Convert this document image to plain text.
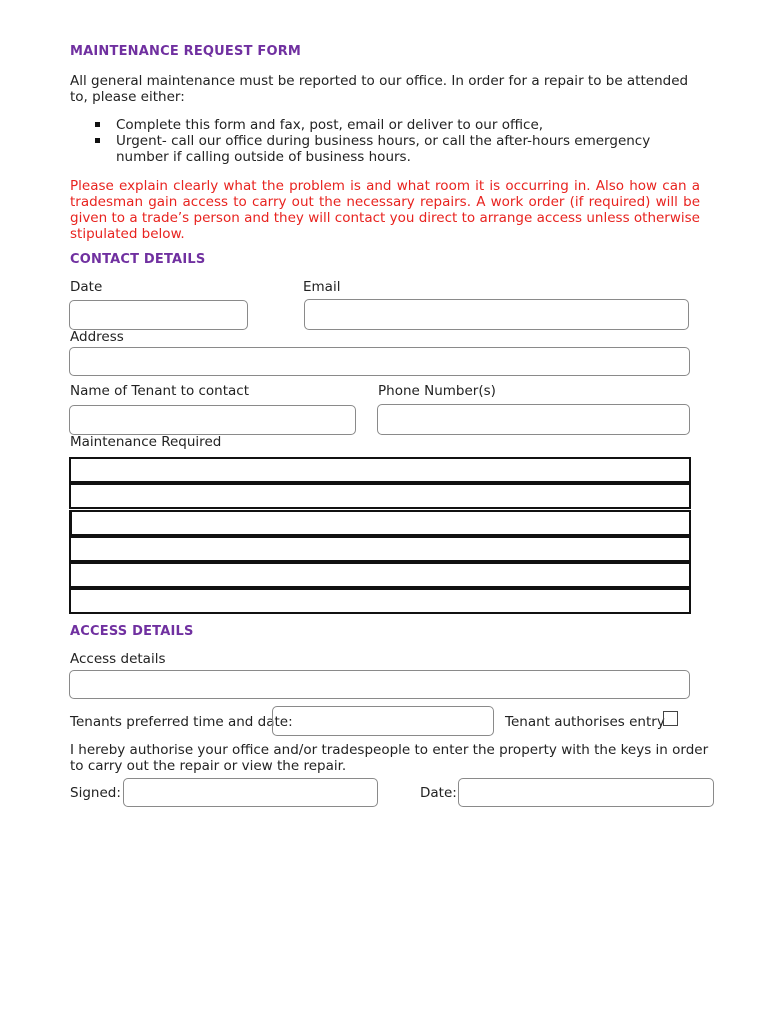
MAINTENANCE REQUEST FORM
All general maintenance must be reported to our office. In order for a repair to be attended to, please either:
Complete this form and fax, post, email or deliver to our office,
Urgent- call our office during business hours, or call the after-hours emergency number if calling outside of business hours.
Please explain clearly what the problem is and what room it is occurring in. Also how can a tradesman gain access to carry out the necessary repairs. A work order (if required) will be given to a trade’s person and they will contact you direct to arrange access unless otherwise stipulated below.
CONTACT DETAILS
Date	Email
Address
Name of Tenant to contact	Phone Number(s)
Maintenance Required
ACCESS DETAILS
Access details
Tenants preferred time and date:	Tenant authorises entry
I hereby authorise your office and/or tradespeople to enter the property with the keys in order to carry out the repair or view the repair.
Signed:	Date:
